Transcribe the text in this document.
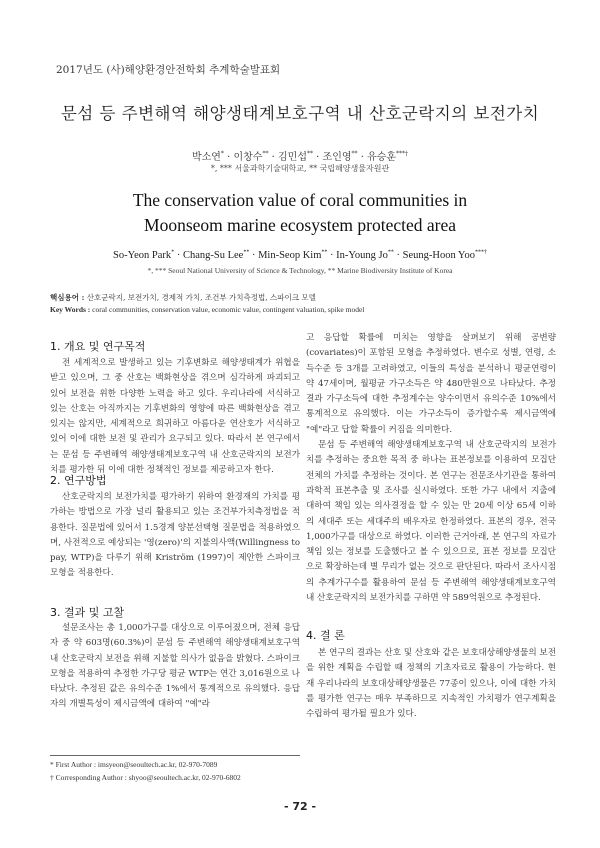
2017년도 (사)해양환경안전학회 추계학술발표회
문섬 등 주변해역 해양생태계보호구역 내 산호군락지의 보전가치
박소연* · 이창수** · 김민섭** · 조인영** · 유승훈***†
*, *** 서울과학기술대학교, ** 국립해양생물자원관
The conservation value of coral communities in
Moonseom marine ecosystem protected area
So-Yeon Park* · Chang-Su Lee** · Min-Seop Kim** · In-Young Jo** · Seung-Hoon Yoo***†
*, *** Seoul National University of Science & Technology, ** Marine Biodiversity Institute of Korea
핵심용어 : 산호군락지, 보전가치, 경제적 가치, 조건부 가치측정법, 스파이크 모델
Key Words : coral communities, conservation value, economic value, contingent valuation, spike model
1. 개요 및 연구목적

전 세계적으로 발생하고 있는 기후변화로 해양생태계가 위협을 받고 있으며, 그 중 산호는 백화현상을 겪으며 심각하게 파괴되고 있어 보전을 위한 다양한 노력을 하고 있다. 우리나라에 서식하고 있는 산호는 아직까지는 기후변화의 영향에 따른 백화현상을 겪고 있지는 않지만, 세계적으로 희귀하고 아름다운 연산호가 서식하고 있어 이에 대한 보전 및 관리가 요구되고 있다. 따라서 본 연구에서는 문섬 등 주변해역 해양생태계보호구역 내 산호군락지의 보전가치를 평가한 뒤 이에 대한 정책적인 정보를 제공하고자 한다.

2. 연구방법

산호군락지의 보전가치를 평가하기 위하여 환경재의 가치를 평가하는 방법으로 가장 널리 활용되고 있는 조건부가치측정법을 적용한다. 질문법에 있어서 1.5경계 양분선택형 질문법을 적용하였으며, 사전적으로 예상되는 '영(zero)'의 지불의사액(Willingness to pay, WTP)을 다루기 위해 Kriström (1997)이 제안한 스파이크 모형을 적용한다.

3. 결과 및 고찰

설문조사는 총 1,000가구를 대상으로 이루어졌으며, 전체 응답자 중 약 603명(60.3%)이 문섬 등 주변해역 해양생태계보호구역 내 산호군락지 보전을 위해 지불할 의사가 없음을 밝혔다. 스파이크 모형을 적용하여 추정한 가구당 평균 WTP는 연간 3,016원으로 나타났다. 추정된 값은 유의수준 1%에서 통계적으로 유의했다. 응답자의 개별특성이 제시금액에 대하여 "예"라

고 응답할 확률에 미치는 영향을 살펴보기 위해 공변량(covariates)이 포함된 모형을 추정하였다. 변수로 성별, 연령, 소득수준 등 3개를 고려하였고, 이들의 특성을 분석하니 평균연령이 약 47세이며, 월평균 가구소득은 약 480만원으로 나타났다. 추정결과 가구소득에 대한 추정계수는 양수이면서 유의수준 10%에서 통계적으로 유의했다. 이는 가구소득이 증가할수록 제시금액에 "예"라고 답할 확률이 커짐을 의미한다.

문섬 등 주변해역 해양생태계보호구역 내 산호군락지의 보전가치를 추정하는 중요한 목적 중 하나는 표본정보를 이용하여 모집단 전체의 가치를 추정하는 것이다. 본 연구는 전문조사기관을 통하여 과학적 표본추출 및 조사를 실시하였다. 또한 가구 내에서 지출에 대하여 책임 있는 의사결정을 할 수 있는 만 20세 이상 65세 이하의 세대주 또는 세대주의 배우자로 한정하였다. 표본의 경우, 전국 1,000가구를 대상으로 하였다. 이러한 근거아래, 본 연구의 자료가 책임 있는 정보를 도출했다고 볼 수 있으므로, 표본 정보를 모집단으로 확장하는데 별 무리가 없는 것으로 판단된다. 따라서 조사시점의 추계가구수를 활용하여 문섬 등 주변해역 해양생태계보호구역 내 산호군락지의 보전가치를 구하면 약 589억원으로 추정된다.

4. 결 론

본 연구의 결과는 산호 및 산호와 같은 보호대상해양생물의 보전을 위한 계획을 수립할 때 정책의 기초자료로 활용이 가능하다. 현재 우리나라의 보호대상해양생물은 77종이 있으나, 이에 대한 가치를 평가한 연구는 매우 부족하므로 지속적인 가치평가 연구계획을 수립하여 평가될 필요가 있다.

* First Author : imsyeon@seoultech.ac.kr, 02-970-7089
† Corresponding Author : shyoo@seoultech.ac.kr, 02-970-6802
- 72 -
